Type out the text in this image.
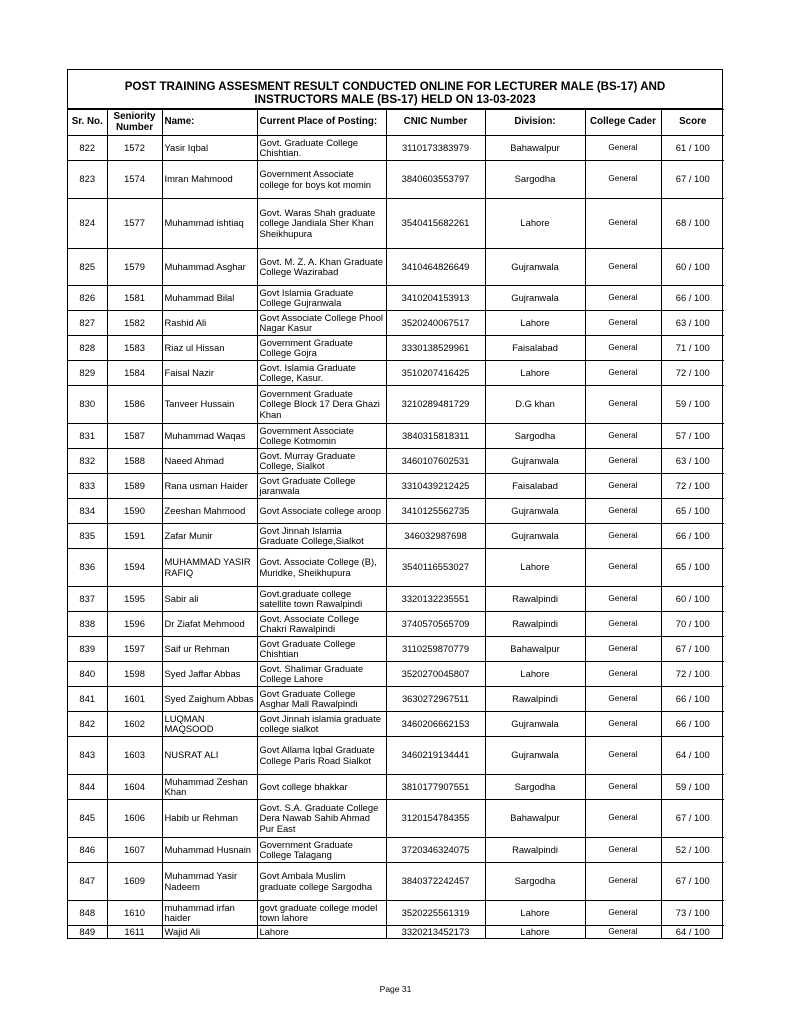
POST TRAINING ASSESMENT RESULT CONDUCTED ONLINE FOR LECTURER MALE (BS-17) AND
INSTRUCTORS MALE (BS-17) HELD ON 13-03-2023
Sr. No.	Seniority Number	Name:	Current Place of Posting:	CNIC Number	Division:	College Cader	Score
822	1572	Yasir Iqbal	Govt. Graduate College Chishtian.	3110173383979	Bahawalpur	General	61 / 100
823	1574	Imran Mahmood	Government Associate college for boys kot momin	3840603553797	Sargodha	General	67 / 100
824	1577	Muhammad ishtiaq	Govt. Waras Shah graduate college Jandiala Sher Khan Sheikhupura	3540415682261	Lahore	General	68 / 100
825	1579	Muhammad Asghar	Govt. M. Z. A. Khan Graduate College Wazirabad	3410464826649	Gujranwala	General	60 / 100
826	1581	Muhammad Bilal	Govt Islamia Graduate College Gujranwala	3410204153913	Gujranwala	General	66 / 100
827	1582	Rashid Ali	Govt Associate College Phool Nagar Kasur	3520240067517	Lahore	General	63 / 100
828	1583	Riaz ul Hissan	Government Graduate College Gojra	3330138529961	Faisalabad	General	71 / 100
829	1584	Faisal Nazir	Govt. Islamia Graduate College, Kasur.	3510207416425	Lahore	General	72 / 100
830	1586	Tanveer Hussain	Government Graduate College Block 17 Dera Ghazi Khan	3210289481729	D.G khan	General	59 / 100
831	1587	Muhammad Waqas	Government Associate College Kotmomin	3840315818311	Sargodha	General	57 / 100
832	1588	Naeed Ahmad	Govt. Murray Graduate College, Sialkot	3460107602531	Gujranwala	General	63 / 100
833	1589	Rana usman Haider	Govt Graduate College jaranwala	3310439212425	Faisalabad	General	72 / 100
834	1590	Zeeshan Mahmood	Govt Associate college aroop	3410125562735	Gujranwala	General	65 / 100
835	1591	Zafar Munir	Govt Jinnah Islamia Graduate College,Sialkot	346032987698	Gujranwala	General	66 / 100
836	1594	MUHAMMAD YASIR RAFIQ	Govt. Associate College (B), Muridke, Sheikhupura	3540116553027	Lahore	General	65 / 100
837	1595	Sabir ali	Govt.graduate college satellite town Rawalpindi	3320132235551	Rawalpindi	General	60 / 100
838	1596	Dr Ziafat Mehmood	Govt. Associate College Chakri Rawalpindi	3740570565709	Rawalpindi	General	70 / 100
839	1597	Saif ur Rehman	Govt Graduate College Chishtian	3110259870779	Bahawalpur	General	67 / 100
840	1598	Syed Jaffar Abbas	Govt. Shalimar Graduate College Lahore	3520270045807	Lahore	General	72 / 100
841	1601	Syed Zaighum Abbas	Govt Graduate College Asghar Mall Rawalpindi	3630272967511	Rawalpindi	General	66 / 100
842	1602	LUQMAN MAQSOOD	Govt Jinnah islamia graduate college sialkot	3460206662153	Gujranwala	General	66 / 100
843	1603	NUSRAT ALI	Govt Allama Iqbal Graduate College Paris Road Sialkot	3460219134441	Gujranwala	General	64 / 100
844	1604	Muhammad Zeshan Khan	Govt college bhakkar	3810177907551	Sargodha	General	59 / 100
845	1606	Habib ur Rehman	Govt. S.A. Graduate College Dera Nawab Sahib Ahmad Pur East	3120154784355	Bahawalpur	General	67 / 100
846	1607	Muhammad Husnain	Government Graduate College Talagang	3720346324075	Rawalpindi	General	52 / 100
847	1609	Muhammad Yasir Nadeem	Govt Ambala Muslim graduate college Sargodha	3840372242457	Sargodha	General	67 / 100
848	1610	muhammad irfan haider	govt graduate college model town lahore	3520225561319	Lahore	General	73 / 100
849	1611	Wajid Ali	Lahore	3320213452173	Lahore	General	64 / 100
Page 31
